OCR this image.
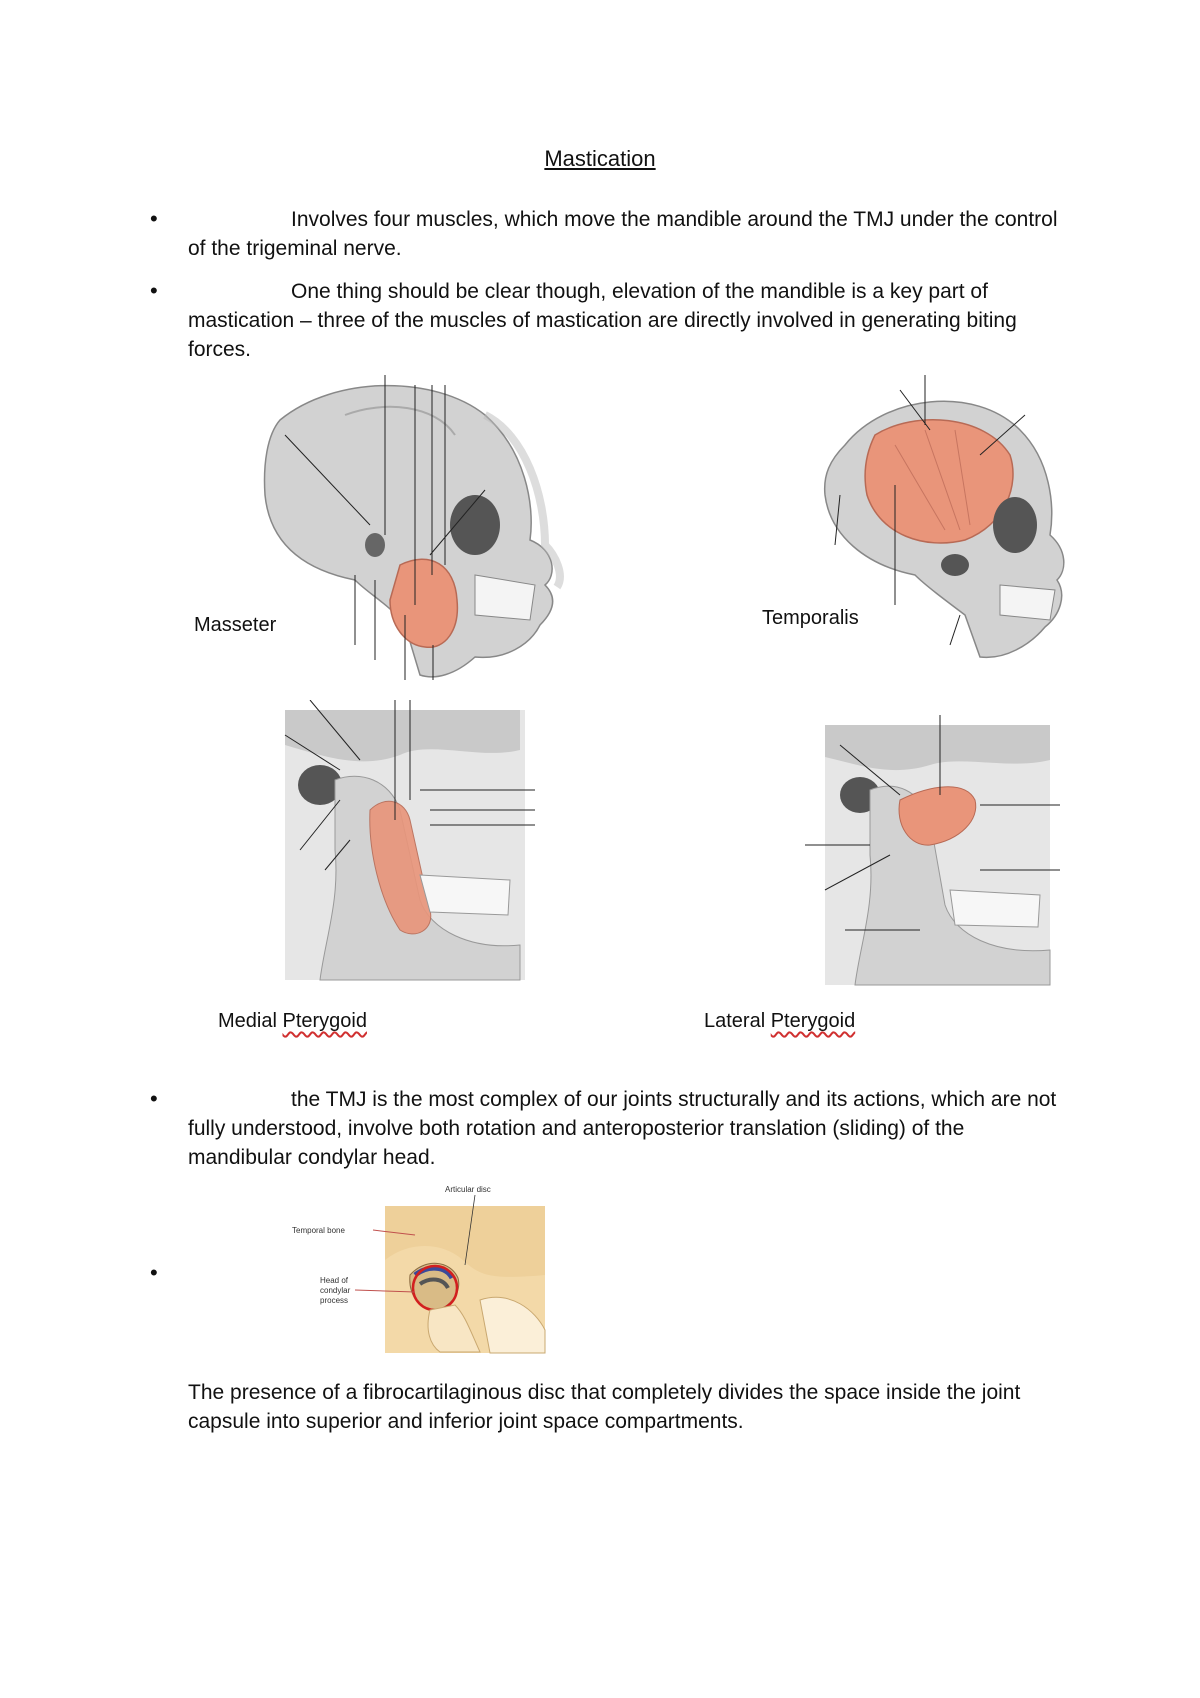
Mastication
•	Involves four muscles, which move the mandible around the TMJ under the control of the trigeminal nerve.
•	One thing should be clear though, elevation of the mandible is a key part of mastication – three of the muscles of mastication are directly involved in generating biting forces.
Masseter	Temporalis
Medial Pterygoid	Lateral Pterygoid
•	the TMJ is the most complex of our joints structurally and its actions, which are not fully understood, involve both rotation and anteroposterior translation (sliding) of the mandibular condylar head.
•
Articular disc
Temporal bone
Head of
condylar
process
The presence of a fibrocartilaginous disc that completely divides the space inside the joint capsule into superior and inferior joint space compartments.
